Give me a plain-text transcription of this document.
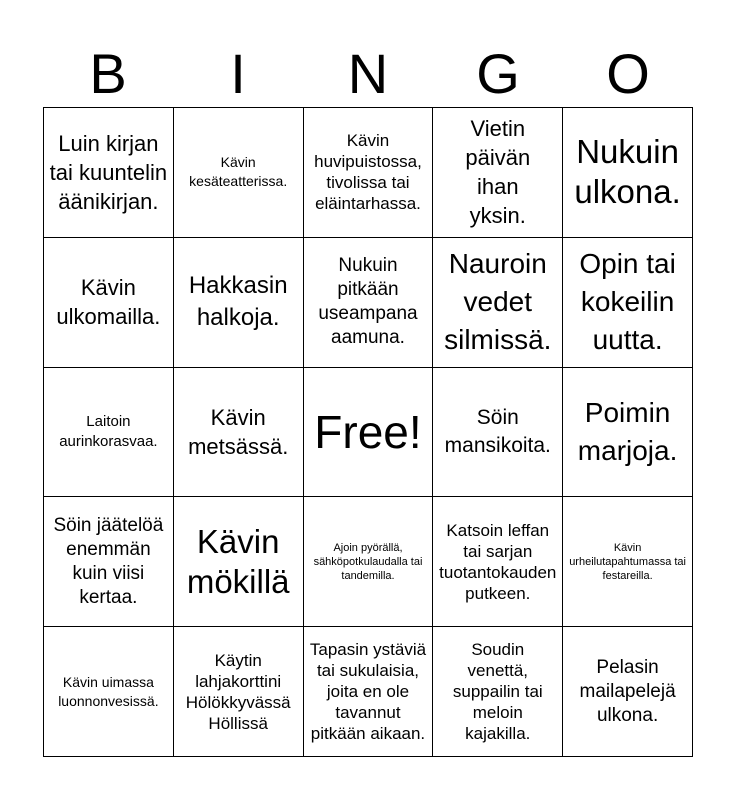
B	I	N	G	O
Luin kirjan tai kuuntelin äänikirjan.
Kävin kesäteatterissa.
Kävin huvipuistossa, tivolissa tai eläintarhassa.
Vietin päivän ihan yksin.
Nukuin ulkona.
Kävin ulkomailla.
Hakkasin halkoja.
Nukuin pitkään useampana aamuna.
Nauroin vedet silmissä.
Opin tai kokeilin uutta.
Laitoin aurinkorasvaa.
Kävin metsässä. Free!	Söin mansikoita.
Poimin marjoja.
Söin jäätelöä enemmän kuin viisi kertaa.
Kävin mökillä
Ajoin pyörällä, sähköpotkulaudalla tai tandemilla.
Katsoin leffan tai sarjan tuotantokauden putkeen.
Kävin urheilutapahtumassa tai festareilla.
Kävin uimassa luonnonvesissä.
Käytin lahjakorttini Hölökkyvässä Höllissä
Tapasin ystäviä tai sukulaisia, joita en ole tavannut pitkään aikaan.
Soudin venettä, suppailin tai meloin kajakilla.
Pelasin mailapelejä ulkona.
